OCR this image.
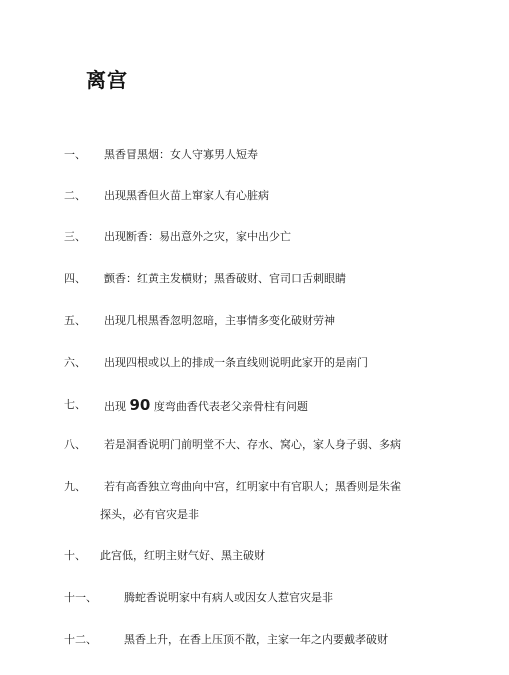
离宫
一、 黑香冒黑烟：女人守寡男人短寿
二、 出现黑香但火苗上窜家人有心脏病
三、 出现断香：易出意外之灾，家中出少亡
四、 颤香：红黄主发横财；黑香破财、官司口舌刺眼睛
五、 出现几根黑香忽明忽暗，主事情多变化破财劳神
六、 出现四根或以上的排成一条直线则说明此家开的是南门
七、 出现 90 度弯曲香代表老父亲骨柱有问题
八、 若是洞香说明门前明堂不大、存水、窝心，家人身子弱、多病
九、 若有高香独立弯曲向中宫，红明家中有官职人；黑香则是朱雀
探头，必有官灾是非
十、 此宫低，红明主财气好、黑主破财
十一、 腾蛇香说明家中有病人或因女人惹官灾是非
十二、 黑香上升，在香上压顶不散，主家一年之内要戴孝破财
